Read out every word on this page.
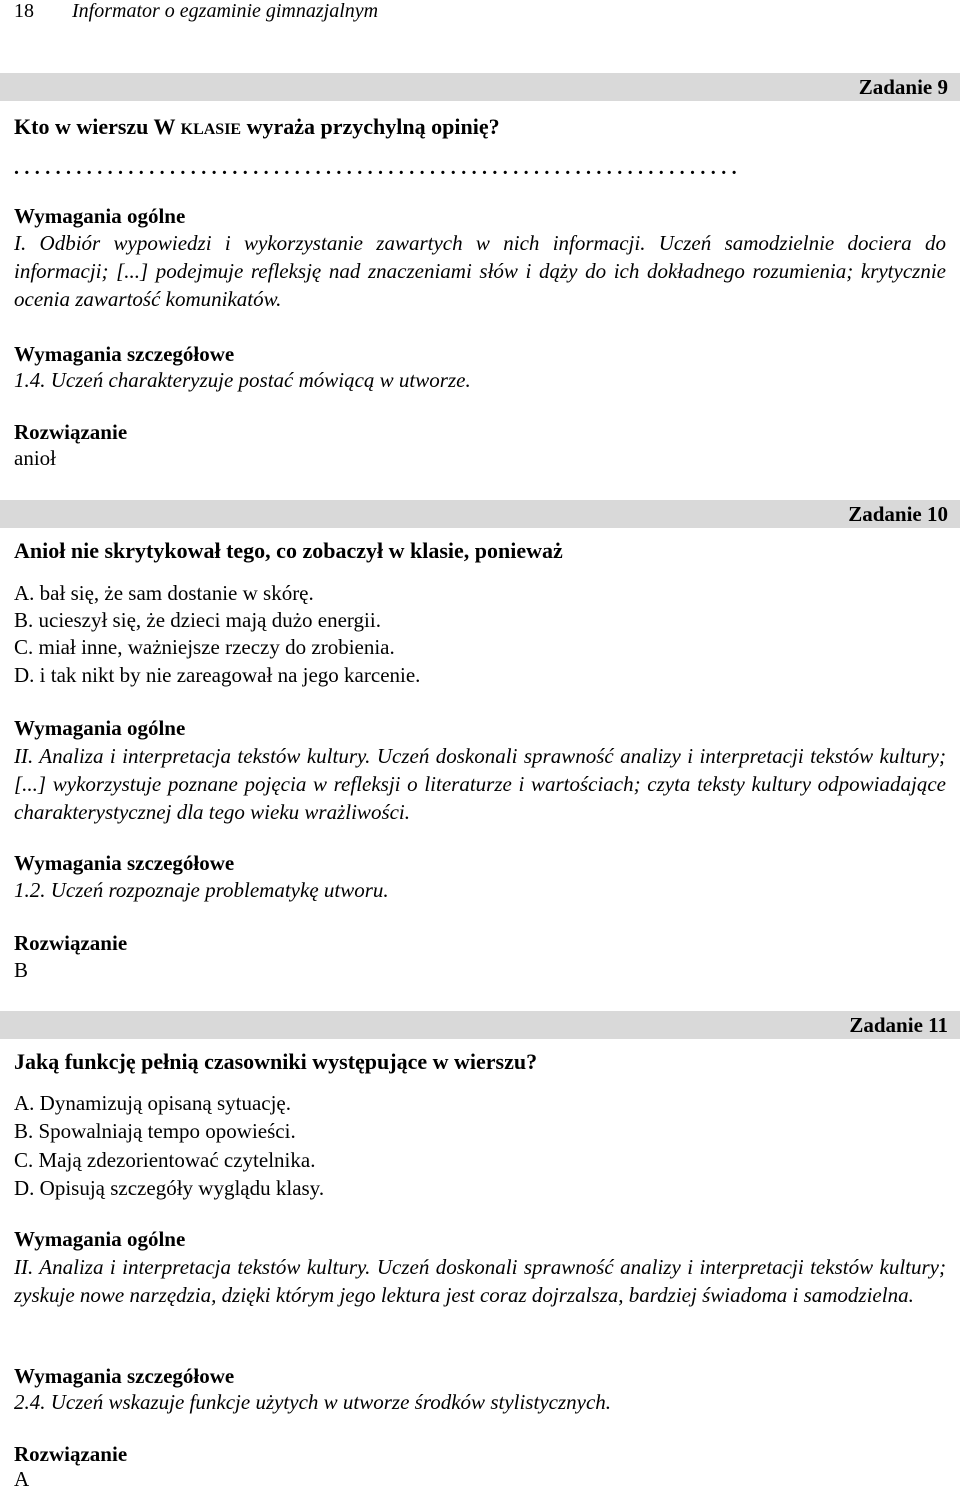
18 Informator o egzaminie gimnazjalnym
Zadanie 9
Kto w wierszu W KLASIE wyraża przychylną opinię?
......................................................................
Wymagania ogólne
I. Odbiór wypowiedzi i wykorzystanie zawartych w nich informacji. Uczeń samodzielnie dociera do informacji; [...] podejmuje refleksję nad znaczeniami słów i dąży do ich dokładnego rozumienia; krytycznie ocenia zawartość komunikatów.
Wymagania szczegółowe
1.4. Uczeń charakteryzuje postać mówiącą w utworze.
Rozwiązanie
anioł
Zadanie 10
Anioł nie skrytykował tego, co zobaczył w klasie, ponieważ
A. bał się, że sam dostanie w skórę.
B. ucieszył się, że dzieci mają dużo energii.
C. miał inne, ważniejsze rzeczy do zrobienia.
D. i tak nikt by nie zareagował na jego karcenie.
Wymagania ogólne
II. Analiza i interpretacja tekstów kultury. Uczeń doskonali sprawność analizy i interpretacji tekstów kultury; [...] wykorzystuje poznane pojęcia w refleksji o literaturze i wartościach; czyta teksty kultury odpowiadające charakterystycznej dla tego wieku wrażliwości.
Wymagania szczegółowe
1.2. Uczeń rozpoznaje problematykę utworu.
Rozwiązanie
B
Zadanie 11
Jaką funkcję pełnią czasowniki występujące w wierszu?
A. Dynamizują opisaną sytuację.
B. Spowalniają tempo opowieści.
C. Mają zdezorientować czytelnika.
D. Opisują szczegóły wyglądu klasy.
Wymagania ogólne
II. Analiza i interpretacja tekstów kultury. Uczeń doskonali sprawność analizy i interpretacji tekstów kultury; zyskuje nowe narzędzia, dzięki którym jego lektura jest coraz dojrzalsza, bardziej świadoma i samodzielna.
Wymagania szczegółowe
2.4. Uczeń wskazuje funkcje użytych w utworze środków stylistycznych.
Rozwiązanie
A
